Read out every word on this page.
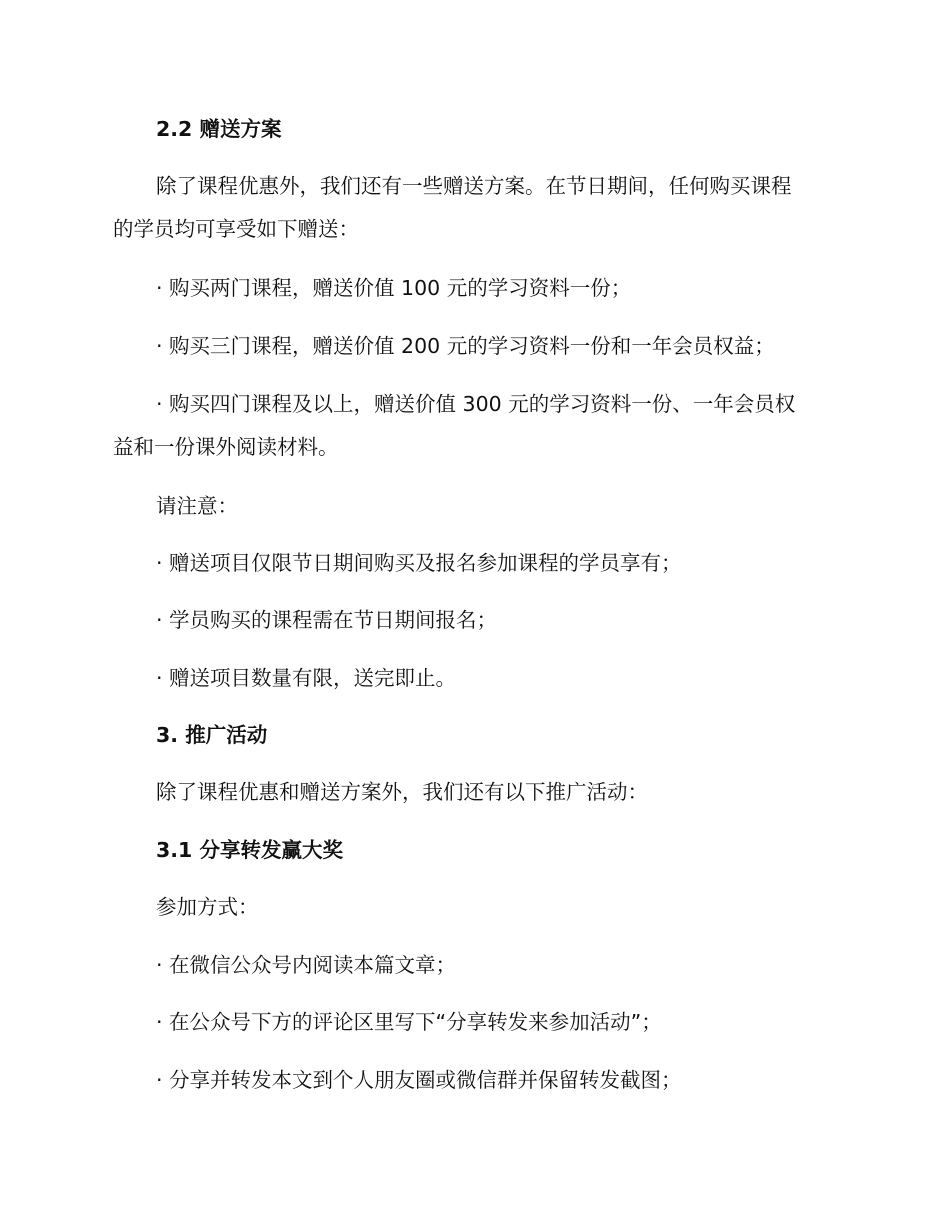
2.2 赠送方案
除了课程优惠外，我们还有一些赠送方案。在节日期间，任何购买课程
的学员均可享受如下赠送：
· 购买两门课程，赠送价值 100 元的学习资料一份；
· 购买三门课程，赠送价值 200 元的学习资料一份和一年会员权益；
· 购买四门课程及以上，赠送价值 300 元的学习资料一份、一年会员权
益和一份课外阅读材料。
请注意：
· 赠送项目仅限节日期间购买及报名参加课程的学员享有；
· 学员购买的课程需在节日期间报名；
· 赠送项目数量有限，送完即止。
3. 推广活动
除了课程优惠和赠送方案外，我们还有以下推广活动：
3.1 分享转发赢大奖
参加方式：
· 在微信公众号内阅读本篇文章；
· 在公众号下方的评论区里写下“分享转发来参加活动”；
· 分享并转发本文到个人朋友圈或微信群并保留转发截图；
